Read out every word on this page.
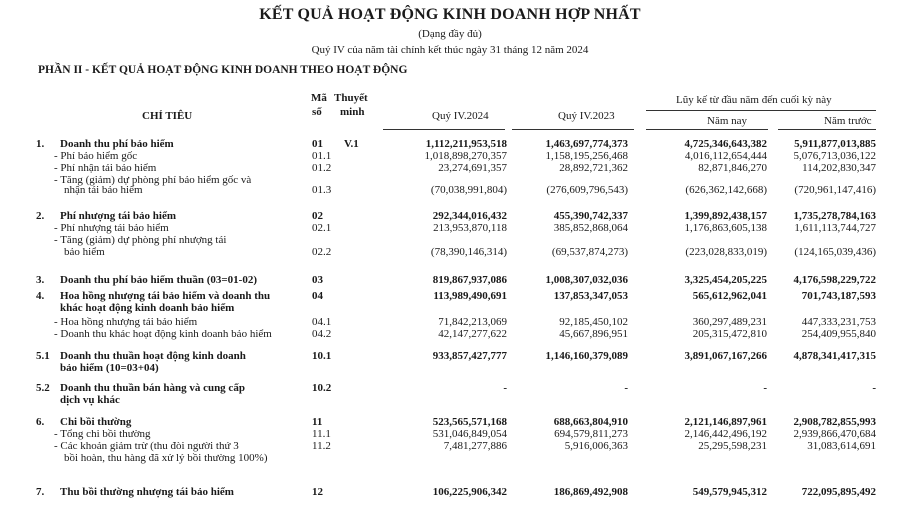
KẾT QUẢ HOẠT ĐỘNG KINH DOANH HỢP NHẤT
(Dạng đầy đủ)
Quý IV của năm tài chính kết thúc ngày 31 tháng 12 năm 2024
PHẦN II - KẾT QUẢ HOẠT ĐỘNG KINH DOANH THEO HOẠT ĐỘNG
CHỈ TIÊU
Mã
số
Thuyết
minh	Quý IV.2024	Quý IV.2023
Lũy kế từ đầu năm đến cuối kỳ này
Năm nay	Năm trước
1. Doanh thu phí bảo hiểm	01 V.1	1,112,211,953,518	1,463,697,774,373	4,725,346,643,382 5,911,877,013,885
- Phí bảo hiểm gốc	01.1	1,018,898,270,357	1,158,195,256,468	4,016,112,654,444 5,076,713,036,122
- Phí nhận tái bảo hiểm	01.2	23,274,691,357	28,892,721,362	82,871,846,270	114,202,830,347
- Tăng (giảm) dự phòng phí bảo hiểm gốc và
nhận tái bảo hiểm	01.3	(70,038,991,804)	(276,609,796,543)	(626,362,142,668) (720,961,147,416)
2. Phí nhượng tái bảo hiểm	02	292,344,016,432	455,390,742,337	1,399,892,438,157 1,735,278,784,163
- Phí nhượng tái bảo hiểm	02.1	213,953,870,118	385,852,868,064	1,176,863,605,138 1,611,113,744,727
- Tăng (giảm) dự phòng phí nhượng tái
bảo hiểm	02.2	(78,390,146,314)	(69,537,874,273)	(223,028,833,019) (124,165,039,436)
3. Doanh thu phí bảo hiểm thuần (03=01-02)	03	819,867,937,086	1,008,307,032,036	3,325,454,205,225 4,176,598,229,722
4. Hoa hồng nhượng tái bảo hiểm và doanh thu	04	113,989,490,691	137,853,347,053	565,612,962,041	701,743,187,593
khác hoạt động kinh doanh bảo hiểm
- Hoa hồng nhượng tái bảo hiểm	04.1	71,842,213,069	92,185,450,102	360,297,489,231	447,333,231,753
- Doanh thu khác hoạt động kinh doanh bảo hiểm	04.2	42,147,277,622	45,667,896,951	205,315,472,810	254,409,955,840
5.1 Doanh thu thuần hoạt động kinh doanh	10.1	933,857,427,777	1,146,160,379,089	3,891,067,167,266 4,878,341,417,315
bảo hiểm (10=03+04)
5.2 Doanh thu thuần bán hàng và cung cấp	10.2	-	-	-	-
dịch vụ khác
6. Chi bồi thường	11	523,565,571,168	688,663,804,910	2,121,146,897,961 2,908,782,855,993
- Tổng chi bồi thường	11.1	531,046,849,054	694,579,811,273	2,146,442,496,192 2,939,866,470,684
- Các khoản giảm trừ (thu đòi người thứ 3	11.2	7,481,277,886	5,916,006,363	25,295,598,231	31,083,614,691
bồi hoàn, thu hàng đã xử lý bồi thường 100%)
7. Thu bồi thường nhượng tái bảo hiểm	12	106,225,906,342	186,869,492,908	549,579,945,312	722,095,895,492
